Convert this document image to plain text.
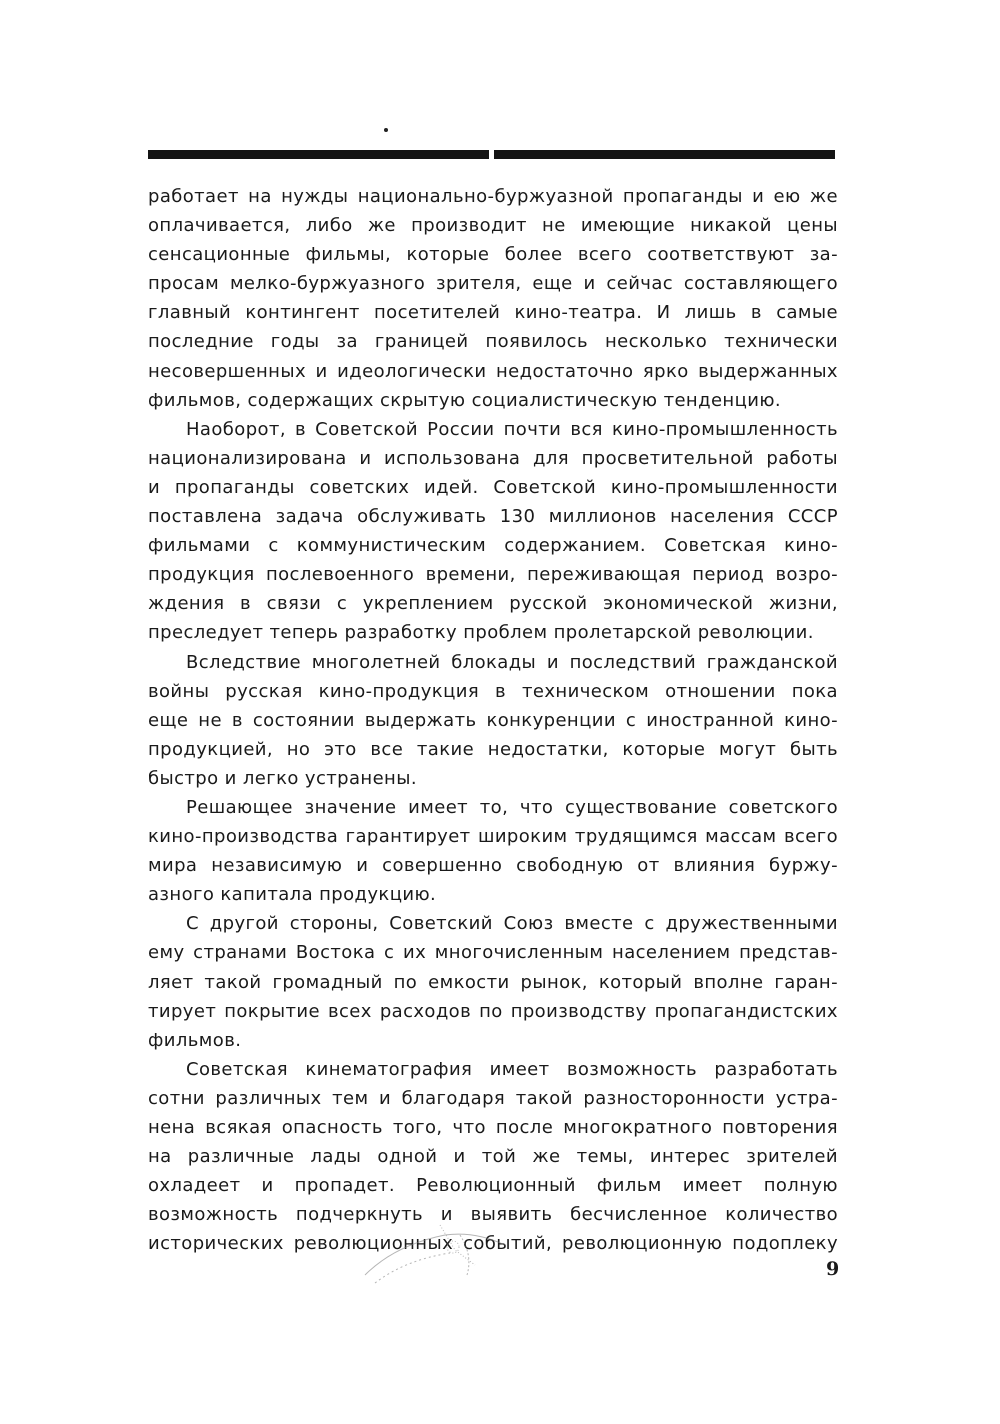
работает на нужды национально-буржуазной пропаганды и ею же
оплачивается, либо же производит не имеющие никакой цены
сенсационные фильмы, которые более всего соответствуют за-
просам мелко-буржуазного зрителя, еще и сейчас составляющего
главный контингент посетителей кино-театра. И лишь в самые
последние годы за границей появилось несколько технически
несовершенных и идеологически недостаточно ярко выдержанных
фильмов, содержащих скрытую социалистическую тенденцию.

Наоборот, в Советской России почти вся кино-промышленность
национализирована и использована для просветительной работы
и пропаганды советских идей. Советской кино-промышленности
поставлена задача обслуживать 130 миллионов населения СССР
фильмами с коммунистическим содержанием. Советская кино-
продукция послевоенного времени, переживающая период возро-
ждения в связи с укреплением русской экономической жизни,
преследует теперь разработку проблем пролетарской революции.

Вследствие многолетней блокады и последствий гражданской
войны русская кино-продукция в техническом отношении пока
еще не в состоянии выдержать конкуренции с иностранной кино-
продукцией, но это все такие недостатки, которые могут быть
быстро и легко устранены.

Решающее значение имеет то, что существование советского
кино-производства гарантирует широким трудящимся массам всего
мира независимую и совершенно свободную от влияния буржу-
азного капитала продукцию.

С другой стороны, Советский Союз вместе с дружественными
ему странами Востока с их многочисленным населением представ-
ляет такой громадный по емкости рынок, который вполне гаран-
тирует покрытие всех расходов по производству пропагандистских
фильмов.

Советская кинематография имеет возможность разработать
сотни различных тем и благодаря такой разносторонности устра-
нена всякая опасность того, что после многократного повторения
на различные лады одной и той же темы, интерес зрителей
охладеет и пропадет. Революционный фильм имеет полную
возможность подчеркнуть и выявить бесчисленное количество
исторических революционных событий, революционную подоплеку

9
